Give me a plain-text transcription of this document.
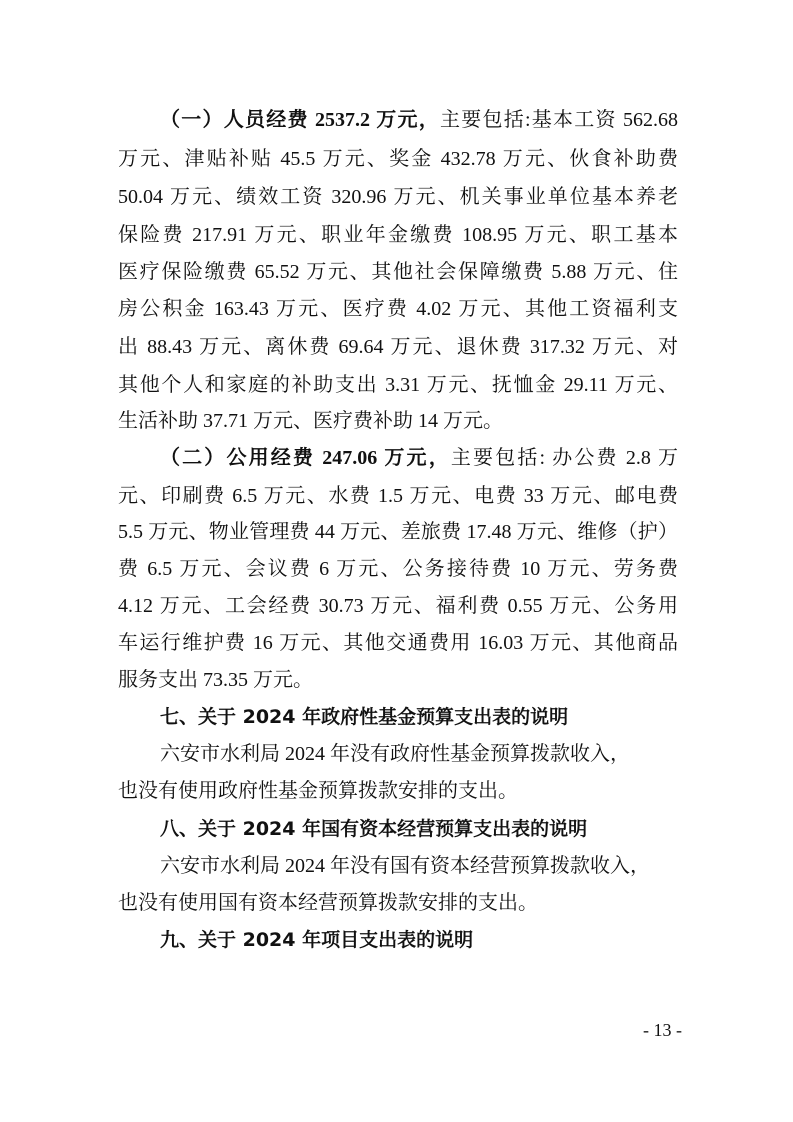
（一）人员经费 2537.2 万元，主要包括:基本工资 562.68
万元、津贴补贴 45.5 万元、奖金 432.78 万元、伙食补助费
50.04 万元、绩效工资 320.96 万元、机关事业单位基本养老
保险费 217.91 万元、职业年金缴费 108.95 万元、职工基本
医疗保险缴费 65.52 万元、其他社会保障缴费 5.88 万元、住
房公积金 163.43 万元、医疗费 4.02 万元、其他工资福利支
出 88.43 万元、离休费 69.64 万元、退休费 317.32 万元、对
其他个人和家庭的补助支出 3.31 万元、抚恤金 29.11 万元、
生活补助 37.71 万元、医疗费补助 14 万元。
（二）公用经费 247.06 万元，主要包括: 办公费 2.8 万
元、印刷费 6.5 万元、水费 1.5 万元、电费 33 万元、邮电费
5.5 万元、物业管理费 44 万元、差旅费 17.48 万元、维修（护）
费 6.5 万元、会议费 6 万元、公务接待费 10 万元、劳务费
4.12 万元、工会经费 30.73 万元、福利费 0.55 万元、公务用
车运行维护费 16 万元、其他交通费用 16.03 万元、其他商品
服务支出 73.35 万元。
七、关于 2024 年政府性基金预算支出表的说明
六安市水利局 2024 年没有政府性基金预算拨款收入，
也没有使用政府性基金预算拨款安排的支出。
八、关于 2024 年国有资本经营预算支出表的说明
六安市水利局 2024 年没有国有资本经营预算拨款收入，
也没有使用国有资本经营预算拨款安排的支出。
九、关于 2024 年项目支出表的说明
- 13 -
